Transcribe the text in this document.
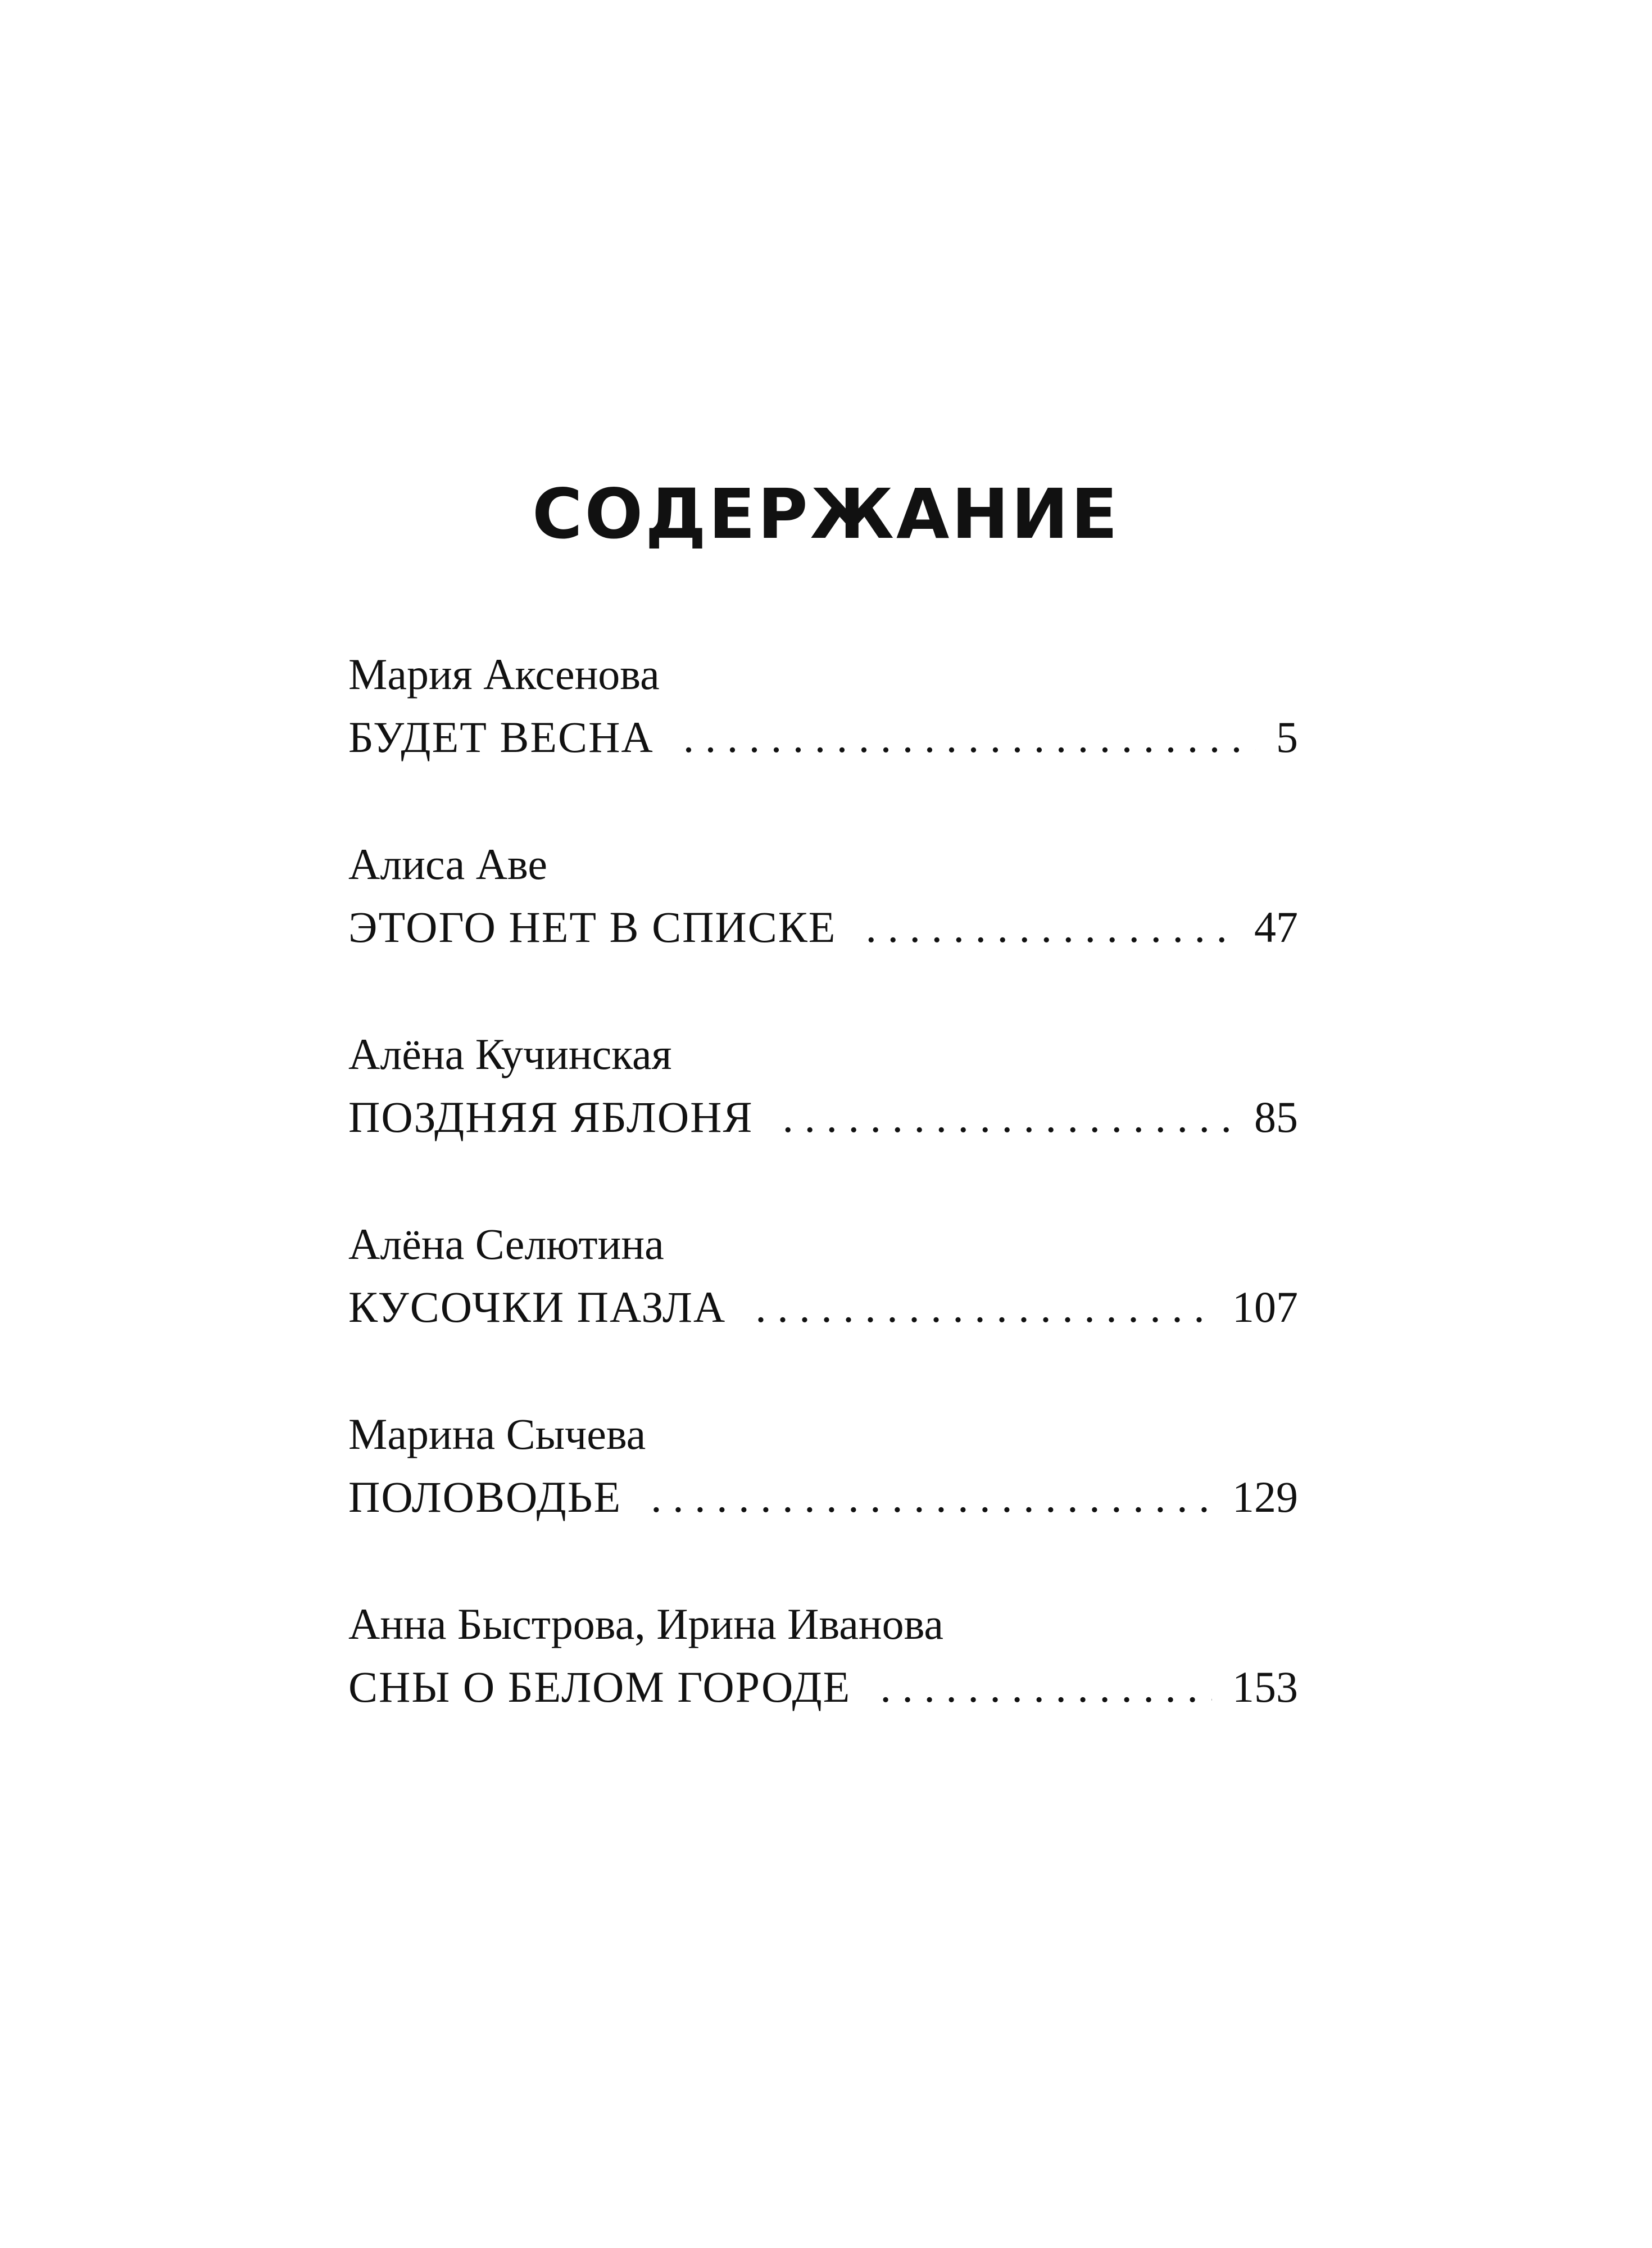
СОДЕРЖАНИЕ
Мария Аксенова
БУДЕТ ВЕСНА . . .	5
Алиса Аве
ЭТОГО НЕТ В СПИСКЕ . . .	47
Алёна Кучинская
ПОЗДНЯЯ ЯБЛОНЯ . . .	85
Алёна Селютина
КУСОЧКИ ПАЗЛА . . .	107
Марина Сычева
ПОЛОВОДЬЕ . . .	129
Анна Быстрова, Ирина Иванова
СНЫ О БЕЛОМ ГОРОДЕ . . .	153
